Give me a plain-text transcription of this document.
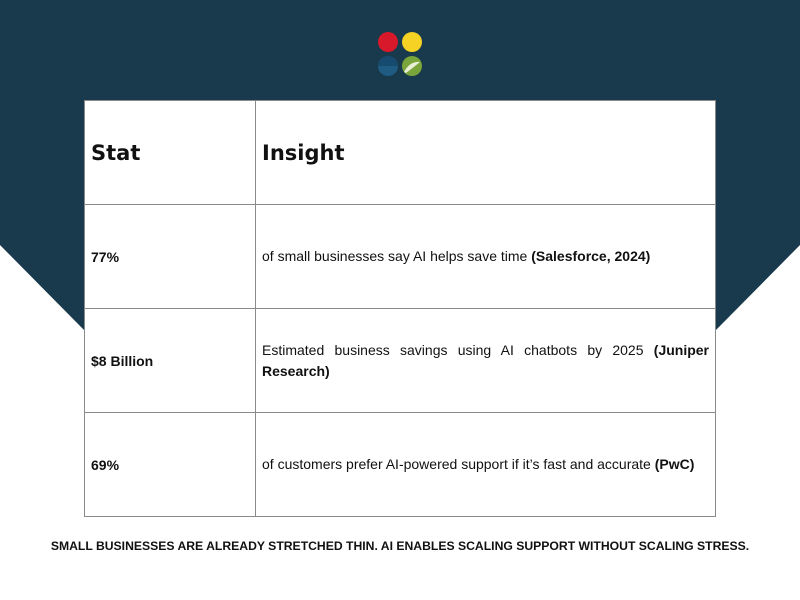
Stat	Insight
77%	of small businesses say AI helps save time (Salesforce, 2024)
$8 Billion	Estimated business savings using AI chatbots by 2025 (Juniper Research)
69%	of customers prefer AI-powered support if it’s fast and accurate (PwC)
SMALL BUSINESSES ARE ALREADY STRETCHED THIN. AI ENABLES SCALING SUPPORT WITHOUT SCALING STRESS.
